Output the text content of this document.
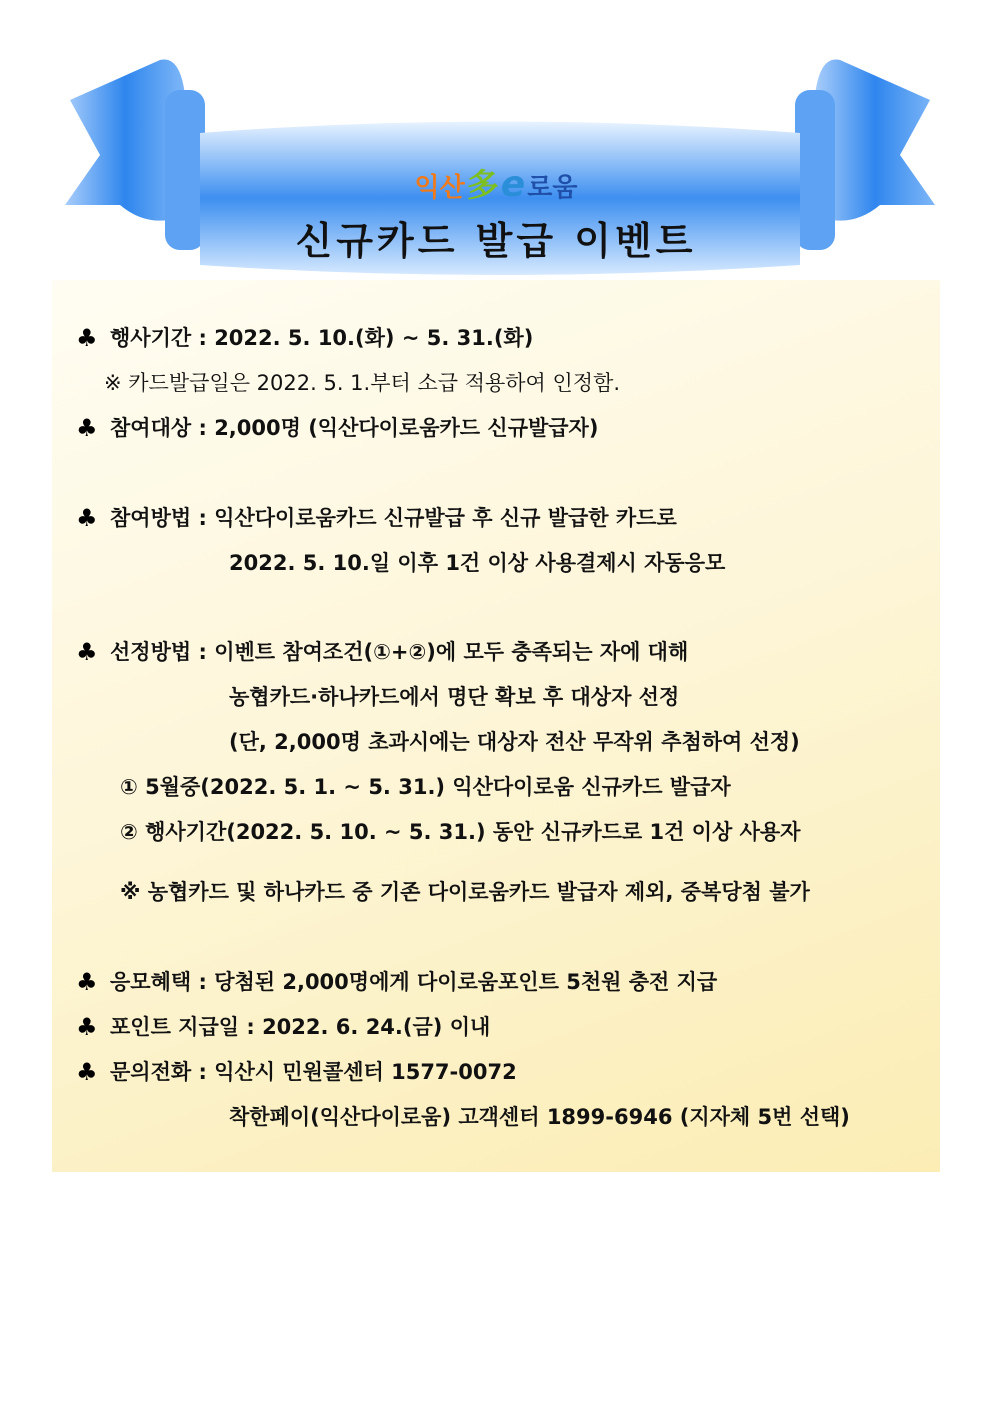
익산多e로움
신규카드 발급 이벤트
♣ 행사기간 : 2022. 5. 10.(화) ~ 5. 31.(화)
※ 카드발급일은 2022. 5. 1.부터 소급 적용하여 인정함.
♣ 참여대상 : 2,000명 (익산다이로움카드 신규발급자)
♣ 참여방법 : 익산다이로움카드 신규발급 후 신규 발급한 카드로
2022. 5. 10.일 이후 1건 이상 사용결제시 자동응모
♣ 선정방법 : 이벤트 참여조건(①+②)에 모두 충족되는 자에 대해
농협카드·하나카드에서 명단 확보 후 대상자 선정
(단, 2,000명 초과시에는 대상자 전산 무작위 추첨하여 선정)
① 5월중(2022. 5. 1. ~ 5. 31.) 익산다이로움 신규카드 발급자
② 행사기간(2022. 5. 10. ~ 5. 31.) 동안 신규카드로 1건 이상 사용자
※ 농협카드 및 하나카드 중 기존 다이로움카드 발급자 제외, 중복당첨 불가
♣ 응모혜택 : 당첨된 2,000명에게 다이로움포인트 5천원 충전 지급
♣ 포인트 지급일 : 2022. 6. 24.(금) 이내
♣ 문의전화 : 익산시 민원콜센터 1577-0072
착한페이(익산다이로움) 고객센터 1899-6946 (지자체 5번 선택)
